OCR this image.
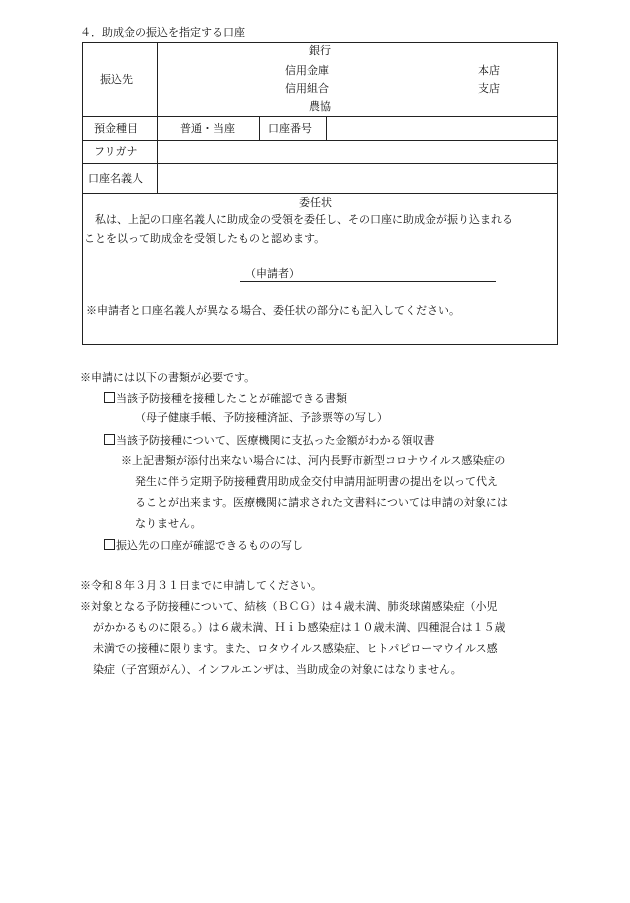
４．助成金の振込を指定する口座
振込先
銀行
信用金庫
信用組合
農協
本店
支店
預金種目	普通・当座	口座番号
フリガナ
口座名義人
委任状
　私は、上記の口座名義人に助成金の受領を委任し、その口座に助成金が振り込まれる
ことを以って助成金を受領したものと認めます。
（申請者）
※申請者と口座名義人が異なる場合、委任状の部分にも記入してください。
※申請には以下の書類が必要です。
当該予防接種を接種したことが確認できる書類
（母子健康手帳、予防接種済証、予診票等の写し）
当該予防接種について、医療機関に支払った金額がわかる領収書
※上記書類が添付出来ない場合には、河内長野市新型コロナウイルス感染症の
発生に伴う定期予防接種費用助成金交付申請用証明書の提出を以って代え
ることが出来ます。医療機関に請求された文書料については申請の対象には
なりません。
振込先の口座が確認できるものの写し
※令和８年３月３１日までに申請してください。
※対象となる予防接種について、結核（ＢＣＧ）は４歳未満、肺炎球菌感染症（小児
がかかるものに限る。）は６歳未満、Ｈｉｂ感染症は１０歳未満、四種混合は１５歳
未満での接種に限ります。また、ロタウイルス感染症、ヒトパピローマウイルス感
染症（子宮頸がん）、インフルエンザは、当助成金の対象にはなりません。
